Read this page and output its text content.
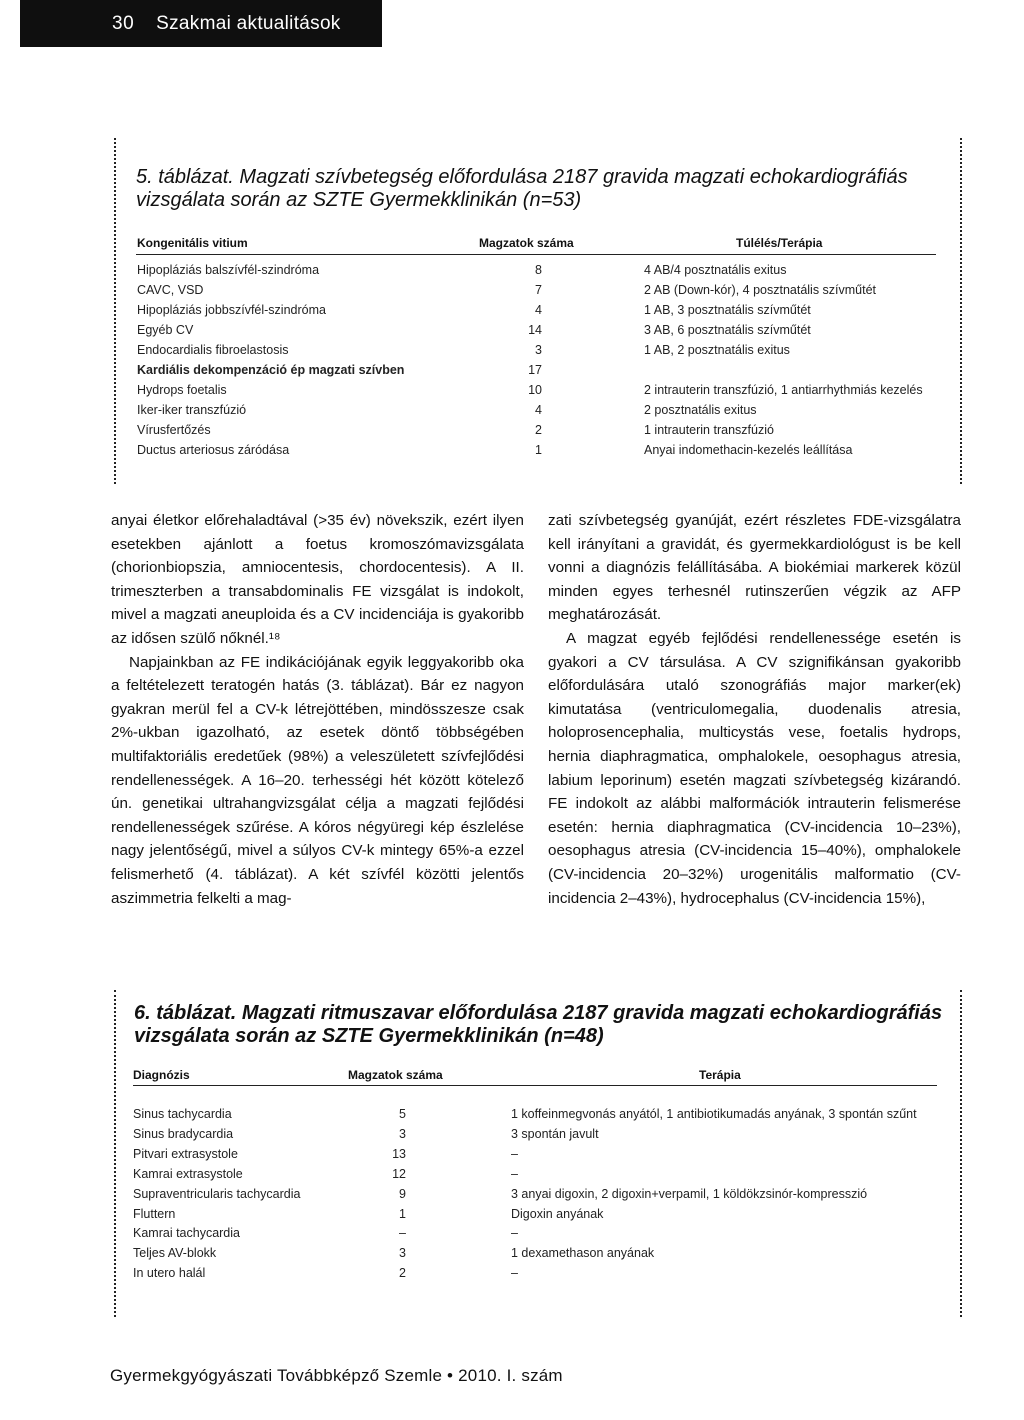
30 Szakmai aktualitások
5. táblázat. Magzati szívbetegség előfordulása 2187 gravida magzati echokardiográfiás
vizsgálata során az SZTE Gyermekklinikán (n=53)
Kongenitális vitium	Magzatok száma	Túlélés/Terápia
Hipopláziás balszívfél-szindróma	8	4 AB/4 posztnatális exitus
CAVC, VSD	7	2 AB (Down-kór), 4 posztnatális szívműtét
Hipopláziás jobbszívfél-szindróma	4	1 AB, 3 posztnatális szívműtét
Egyéb CV	14	3 AB, 6 posztnatális szívműtét
Endocardialis fibroelastosis	3	1 AB, 2 posztnatális exitus
Kardiális dekompenzáció ép magzati szívben	17
Hydrops foetalis	10	2 intrauterin transzfúzió, 1 antiarrhythmiás kezelés
Iker-iker transzfúzió	4	2 posztnatális exitus
Vírusfertőzés	2	1 intrauterin transzfúzió
Ductus arteriosus záródása	1	Anyai indomethacin-kezelés leállítása

anyai életkor előrehaladtával (>35 év) növekszik, ezért ilyen esetekben ajánlott a foetus kromoszómavizsgálata (chorionbiopszia, amniocentesis, chordocentesis). A II. trimeszterben a transabdominalis FE vizsgálat is indokolt, mivel a magzati aneuploida és a CV incidenciája is gyakoribb az idősen szülő nőknél.¹⁸

Napjainkban az FE indikációjának egyik leggyakoribb oka a feltételezett teratogén hatás (3. táblázat). Bár ez nagyon gyakran merül fel a CV-k létrejöttében, mindösszesze csak 2%-ukban igazolható, az esetek döntő többségében multifaktoriális eredetűek (98%) a veleszületett szívfejlődési rendellenességek. A 16–20. terhességi hét között kötelező ún. genetikai ultrahangvizsgálat célja a magzati fejlődési rendellenességek szűrése. A kóros négyüregi kép észlelése nagy jelentőségű, mivel a súlyos CV-k mintegy 65%-a ezzel felismerhető (4. táblázat). A két szívfél közötti jelentős aszimmetria felkelti a mag-

zati szívbetegség gyanúját, ezért részletes FDE-vizsgálatra kell irányítani a gravidát, és gyermekkardiológust is be kell vonni a diagnózis felállításába. A biokémiai markerek közül minden egyes terhesnél rutinszerűen végzik az AFP meghatározását.

A magzat egyéb fejlődési rendellenessége esetén is gyakori a CV társulása. A CV szignifikánsan gyakoribb előfordulására utaló szonográfiás major marker(ek) kimutatása (ventriculomegalia, duodenalis atresia, holoprosencephalia, multicystás vese, foetalis hydrops, hernia diaphragmatica, omphalokele, oesophagus atresia, labium leporinum) esetén magzati szívbetegség kizárandó. FE indokolt az alábbi malformációk intrauterin felismerése esetén: hernia diaphragmatica (CV-incidencia 10–23%), oesophagus atresia (CV-incidencia 15–40%), omphalokele (CV-incidencia 20–32%) urogenitális malformatio (CV-incidencia 2–43%), hydrocephalus (CV-incidencia 15%),

6. táblázat. Magzati ritmuszavar előfordulása 2187 gravida magzati echokardiográfiás
vizsgálata során az SZTE Gyermekklinikán (n=48)
Diagnózis	Magzatok száma	Terápia
Sinus tachycardia	5	1 koffeinmegvonás anyától, 1 antibiotikumadás anyának, 3 spontán szűnt
Sinus bradycardia	3	3 spontán javult
Pitvari extrasystole	13	–
Kamrai extrasystole	12	–
Supraventricularis tachycardia	9	3 anyai digoxin, 2 digoxin+verpamil, 1 köldökzsinór-kompresszió
Fluttern	1	Digoxin anyának
Kamrai tachycardia	–	–
Teljes AV-blokk	3	1 dexamethason anyának
In utero halál	2	–
Gyermekgyógyászati Továbbképző Szemle • 2010. I. szám
